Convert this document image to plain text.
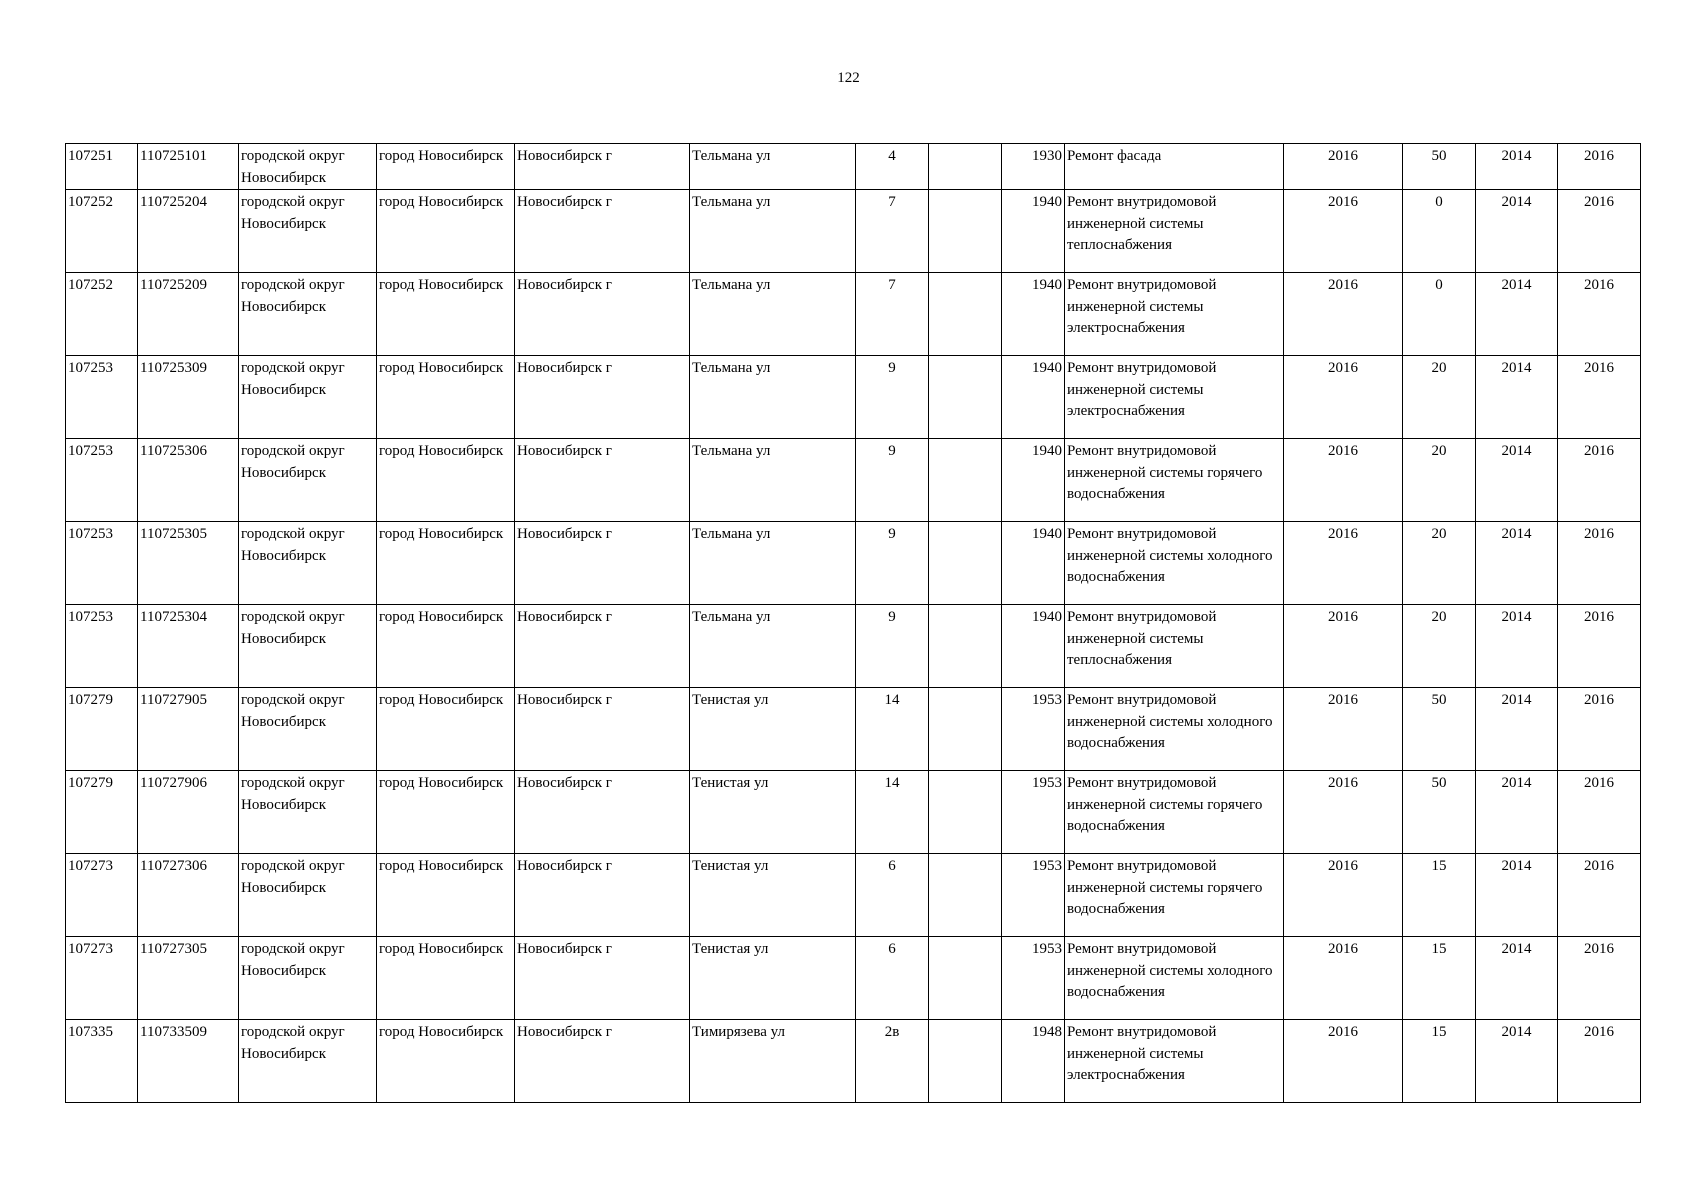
122
107251	110725101	городской округ Новосибирск	город Новосибирск	Новосибирск г	Тельмана ул	4		1930	Ремонт фасада	2016	50	2014	2016
107252	110725204	городской округ Новосибирск	город Новосибирск	Новосибирск г	Тельмана ул	7		1940	Ремонт внутридомовой инженерной системы теплоснабжения	2016	0	2014	2016
107252	110725209	городской округ Новосибирск	город Новосибирск	Новосибирск г	Тельмана ул	7		1940	Ремонт внутридомовой инженерной системы электроснабжения	2016	0	2014	2016
107253	110725309	городской округ Новосибирск	город Новосибирск	Новосибирск г	Тельмана ул	9		1940	Ремонт внутридомовой инженерной системы электроснабжения	2016	20	2014	2016
107253	110725306	городской округ Новосибирск	город Новосибирск	Новосибирск г	Тельмана ул	9		1940	Ремонт внутридомовой инженерной системы горячего водоснабжения	2016	20	2014	2016
107253	110725305	городской округ Новосибирск	город Новосибирск	Новосибирск г	Тельмана ул	9		1940	Ремонт внутридомовой инженерной системы холодного водоснабжения	2016	20	2014	2016
107253	110725304	городской округ Новосибирск	город Новосибирск	Новосибирск г	Тельмана ул	9		1940	Ремонт внутридомовой инженерной системы теплоснабжения	2016	20	2014	2016
107279	110727905	городской округ Новосибирск	город Новосибирск	Новосибирск г	Тенистая ул	14		1953	Ремонт внутридомовой инженерной системы холодного водоснабжения	2016	50	2014	2016
107279	110727906	городской округ Новосибирск	город Новосибирск	Новосибирск г	Тенистая ул	14		1953	Ремонт внутридомовой инженерной системы горячего водоснабжения	2016	50	2014	2016
107273	110727306	городской округ Новосибирск	город Новосибирск	Новосибирск г	Тенистая ул	6		1953	Ремонт внутридомовой инженерной системы горячего водоснабжения	2016	15	2014	2016
107273	110727305	городской округ Новосибирск	город Новосибирск	Новосибирск г	Тенистая ул	6		1953	Ремонт внутридомовой инженерной системы холодного водоснабжения	2016	15	2014	2016
107335	110733509	городской округ Новосибирск	город Новосибирск	Новосибирск г	Тимирязева ул	2в		1948	Ремонт внутридомовой инженерной системы электроснабжения	2016	15	2014	2016
